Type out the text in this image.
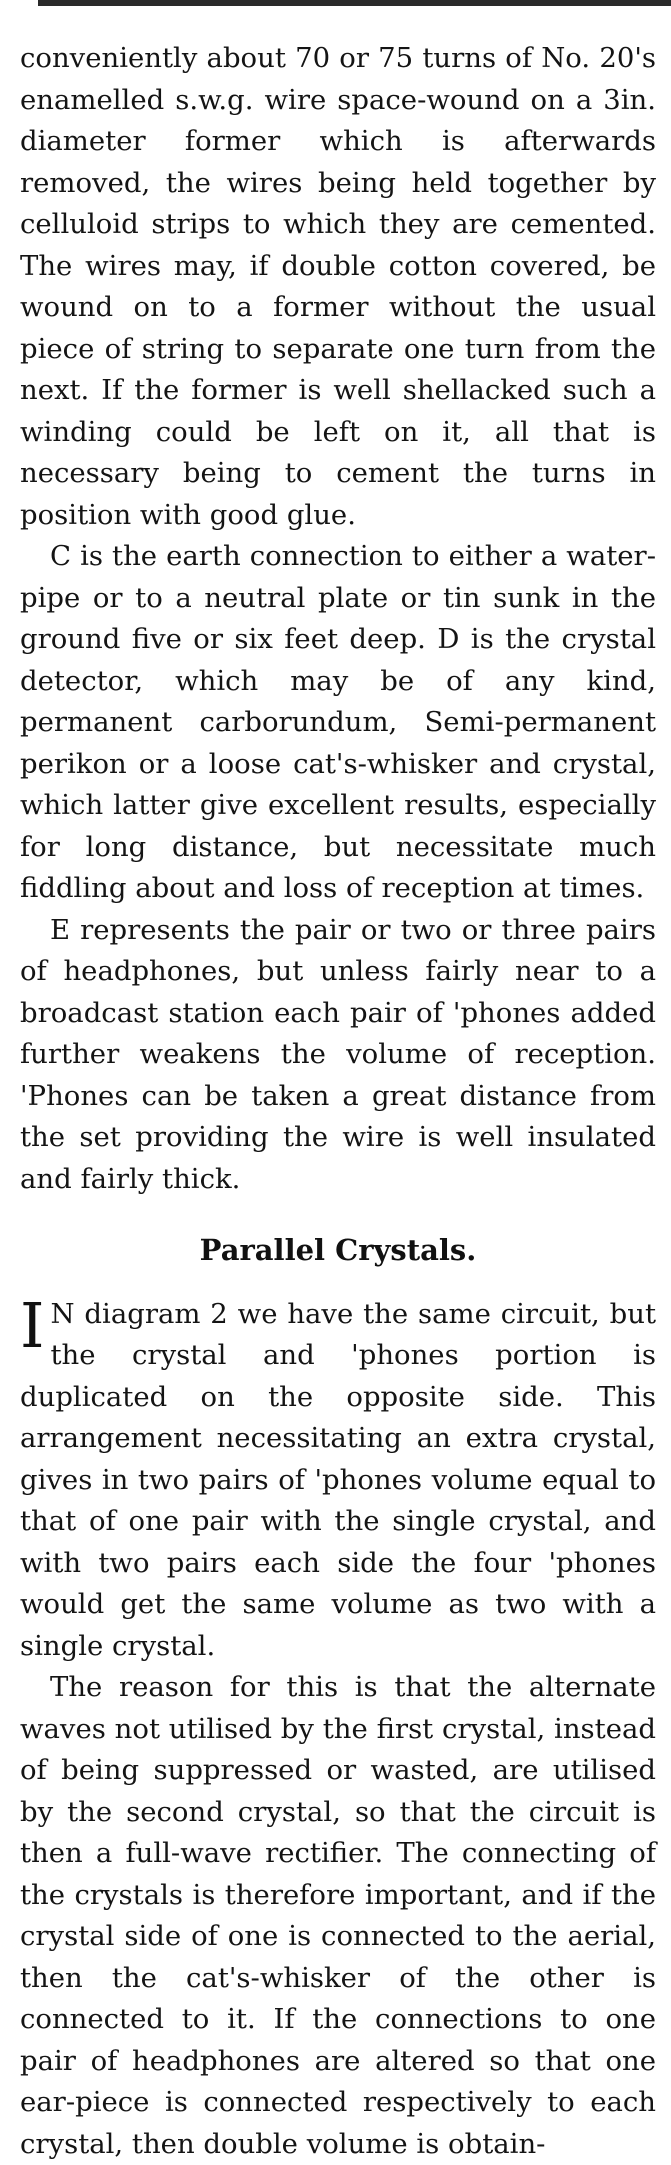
conveniently about 70 or 75 turns of No. 20's enamelled s.w.g. wire space-wound on a 3in. diameter former which is afterwards removed, the wires being held together by celluloid strips to which they are cemented. The wires may, if double cotton covered, be wound on to a former without the usual piece of string to separate one turn from the next. If the former is well shellacked such a winding could be left on it, all that is necessary being to cement the turns in position with good glue.

C is the earth connection to either a water-pipe or to a neutral plate or tin sunk in the ground five or six feet deep. D is the crystal detector, which may be of any kind, permanent carborundum, Semi-permanent perikon or a loose cat's-whisker and crystal, which latter give excellent results, especially for long distance, but necessitate much fiddling about and loss of reception at times.

E represents the pair or two or three pairs of headphones, but unless fairly near to a broadcast station each pair of 'phones added further weakens the volume of reception. 'Phones can be taken a great distance from the set providing the wire is well insulated and fairly thick.

Parallel Crystals.

I N diagram 2 we have the same circuit, but the crystal and 'phones portion is duplicated on the opposite side. This arrangement necessitating an extra crystal, gives in two pairs of 'phones volume equal to that of one pair with the single crystal, and with two pairs each side the four 'phones would get the same volume as two with a single crystal.

The reason for this is that the alternate waves not utilised by the first crystal, instead of being suppressed or wasted, are utilised by the second crystal, so that the circuit is then a full-wave rectifier. The connecting of the crystals is therefore important, and if the crystal side of one is connected to the aerial, then the cat's-whisker of the other is connected to it. If the connections to one pair of headphones are altered so that one ear-piece is connected respectively to each crystal, then double volume is obtain-
